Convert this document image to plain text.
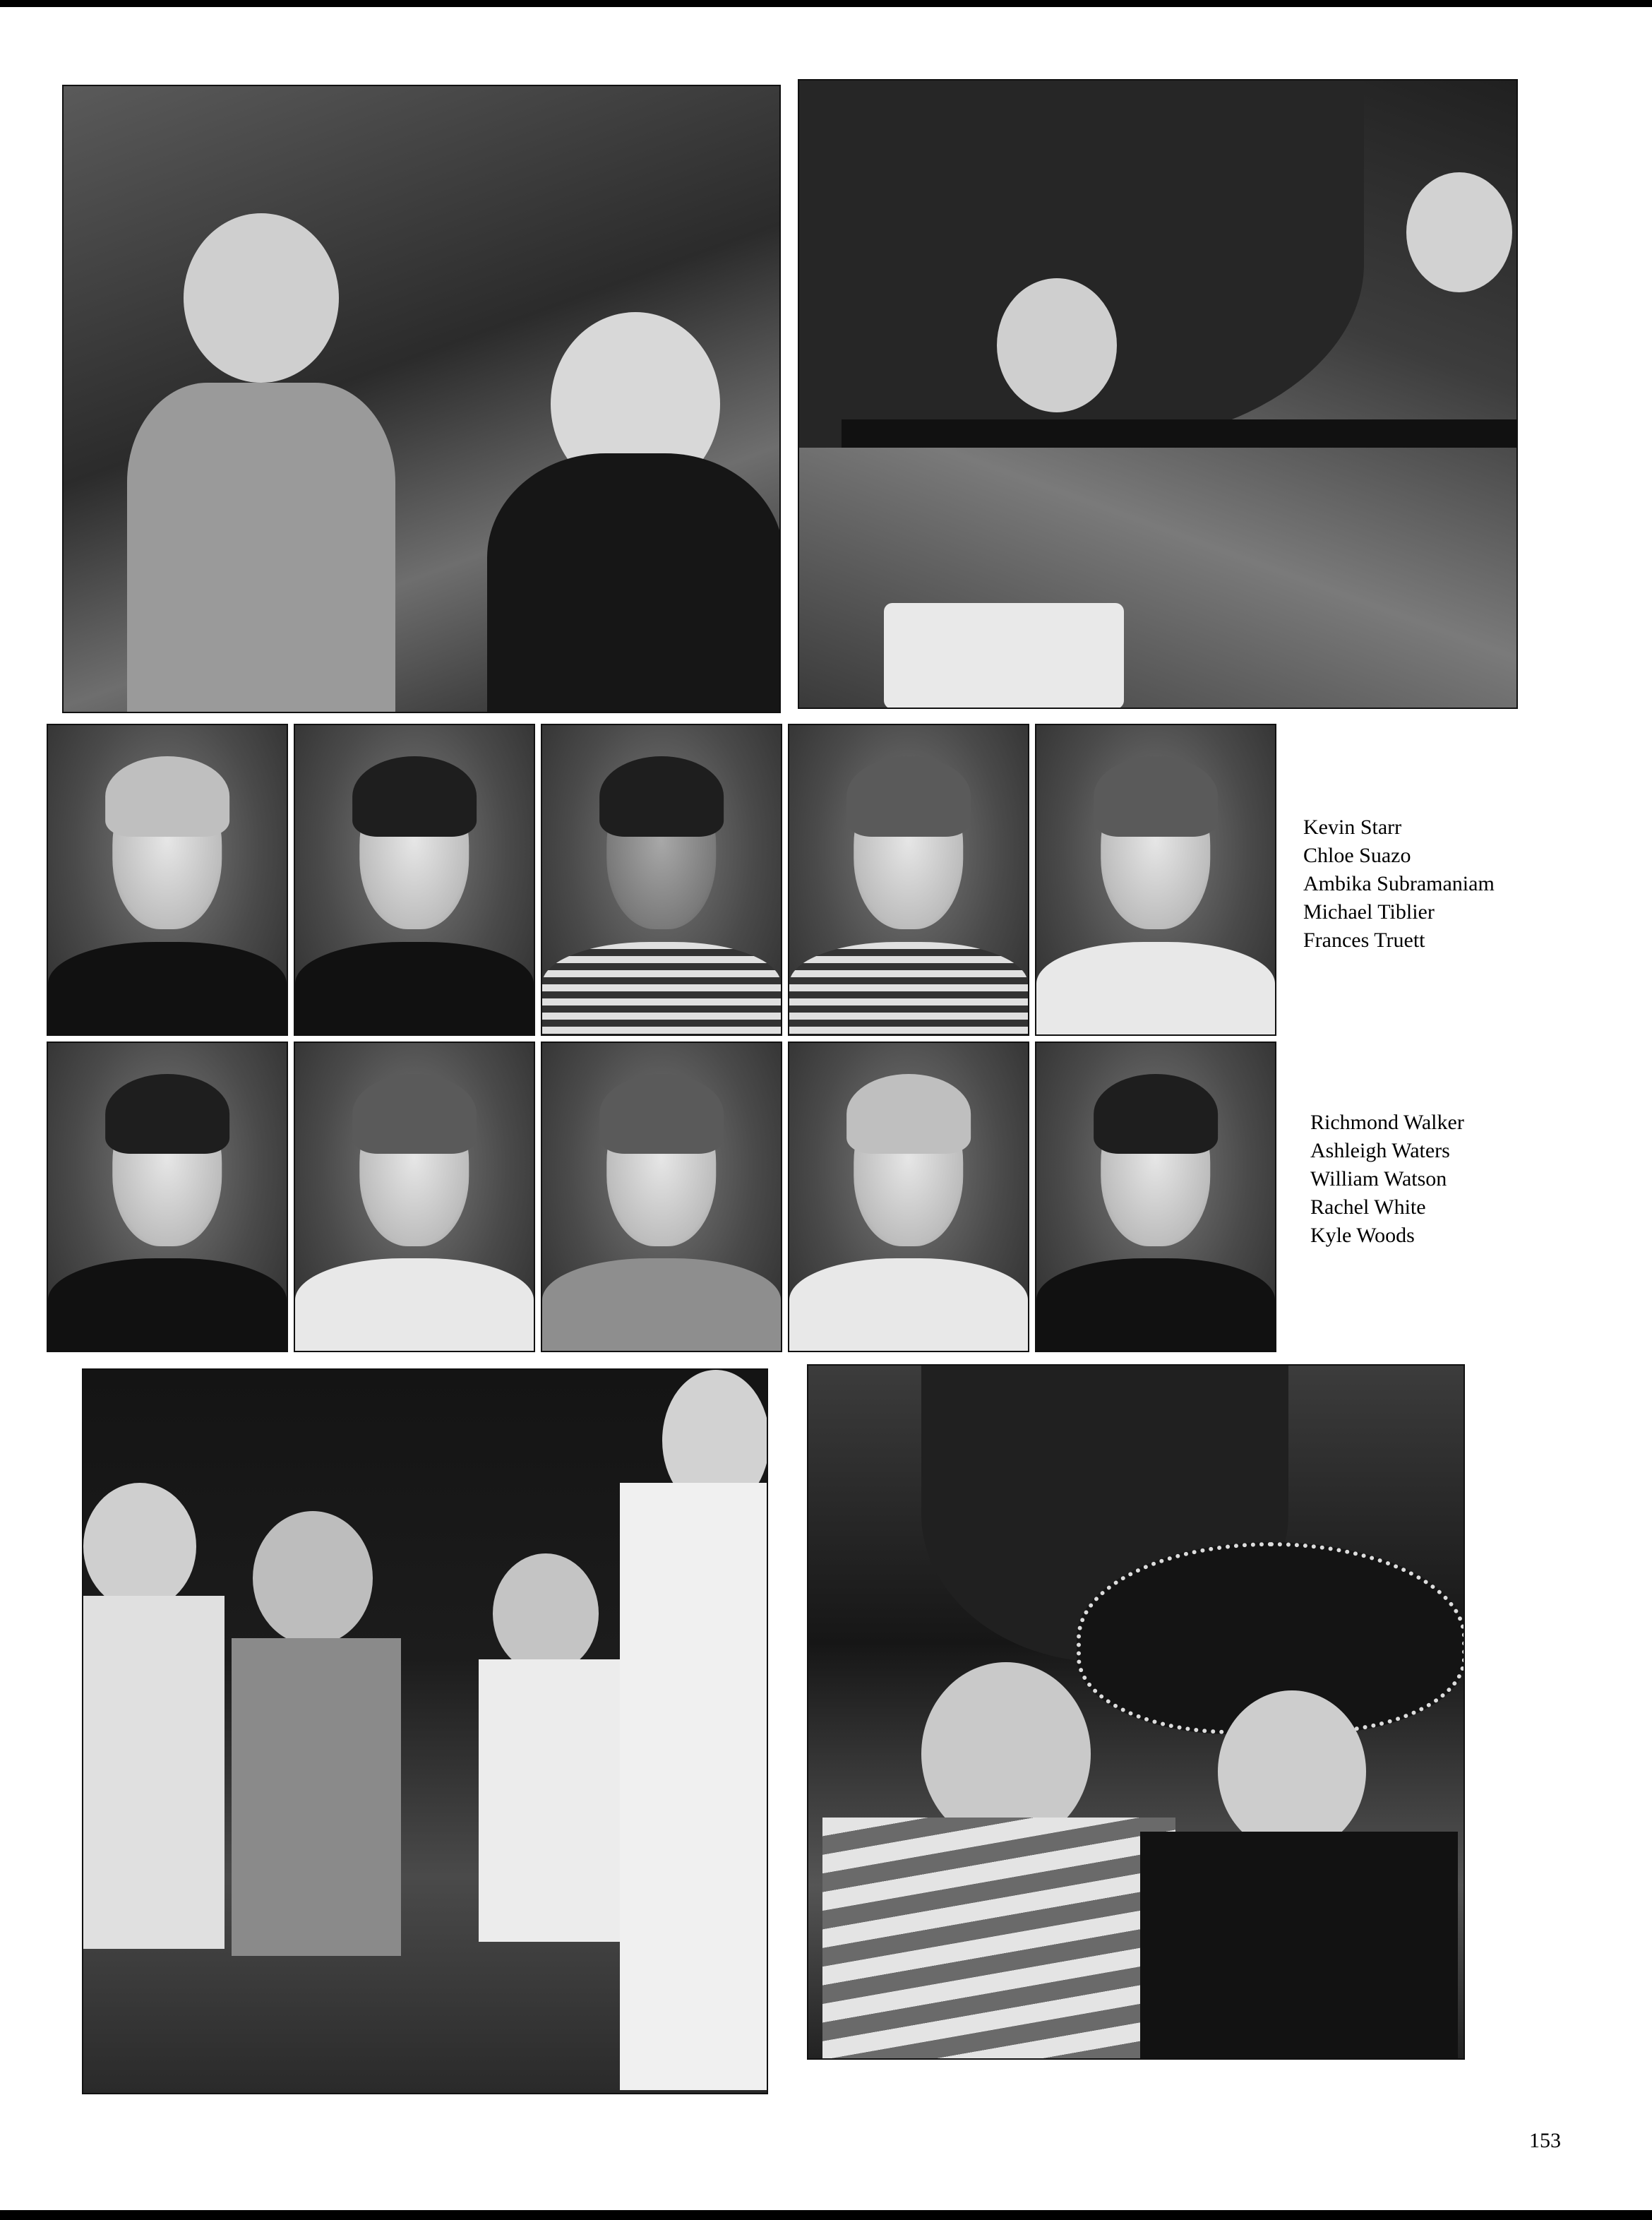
Kevin Starr
Chloe Suazo
Ambika Subramaniam
Michael Tiblier
Frances Truett
Richmond Walker
Ashleigh Waters
William Watson
Rachel White
Kyle Woods
153
